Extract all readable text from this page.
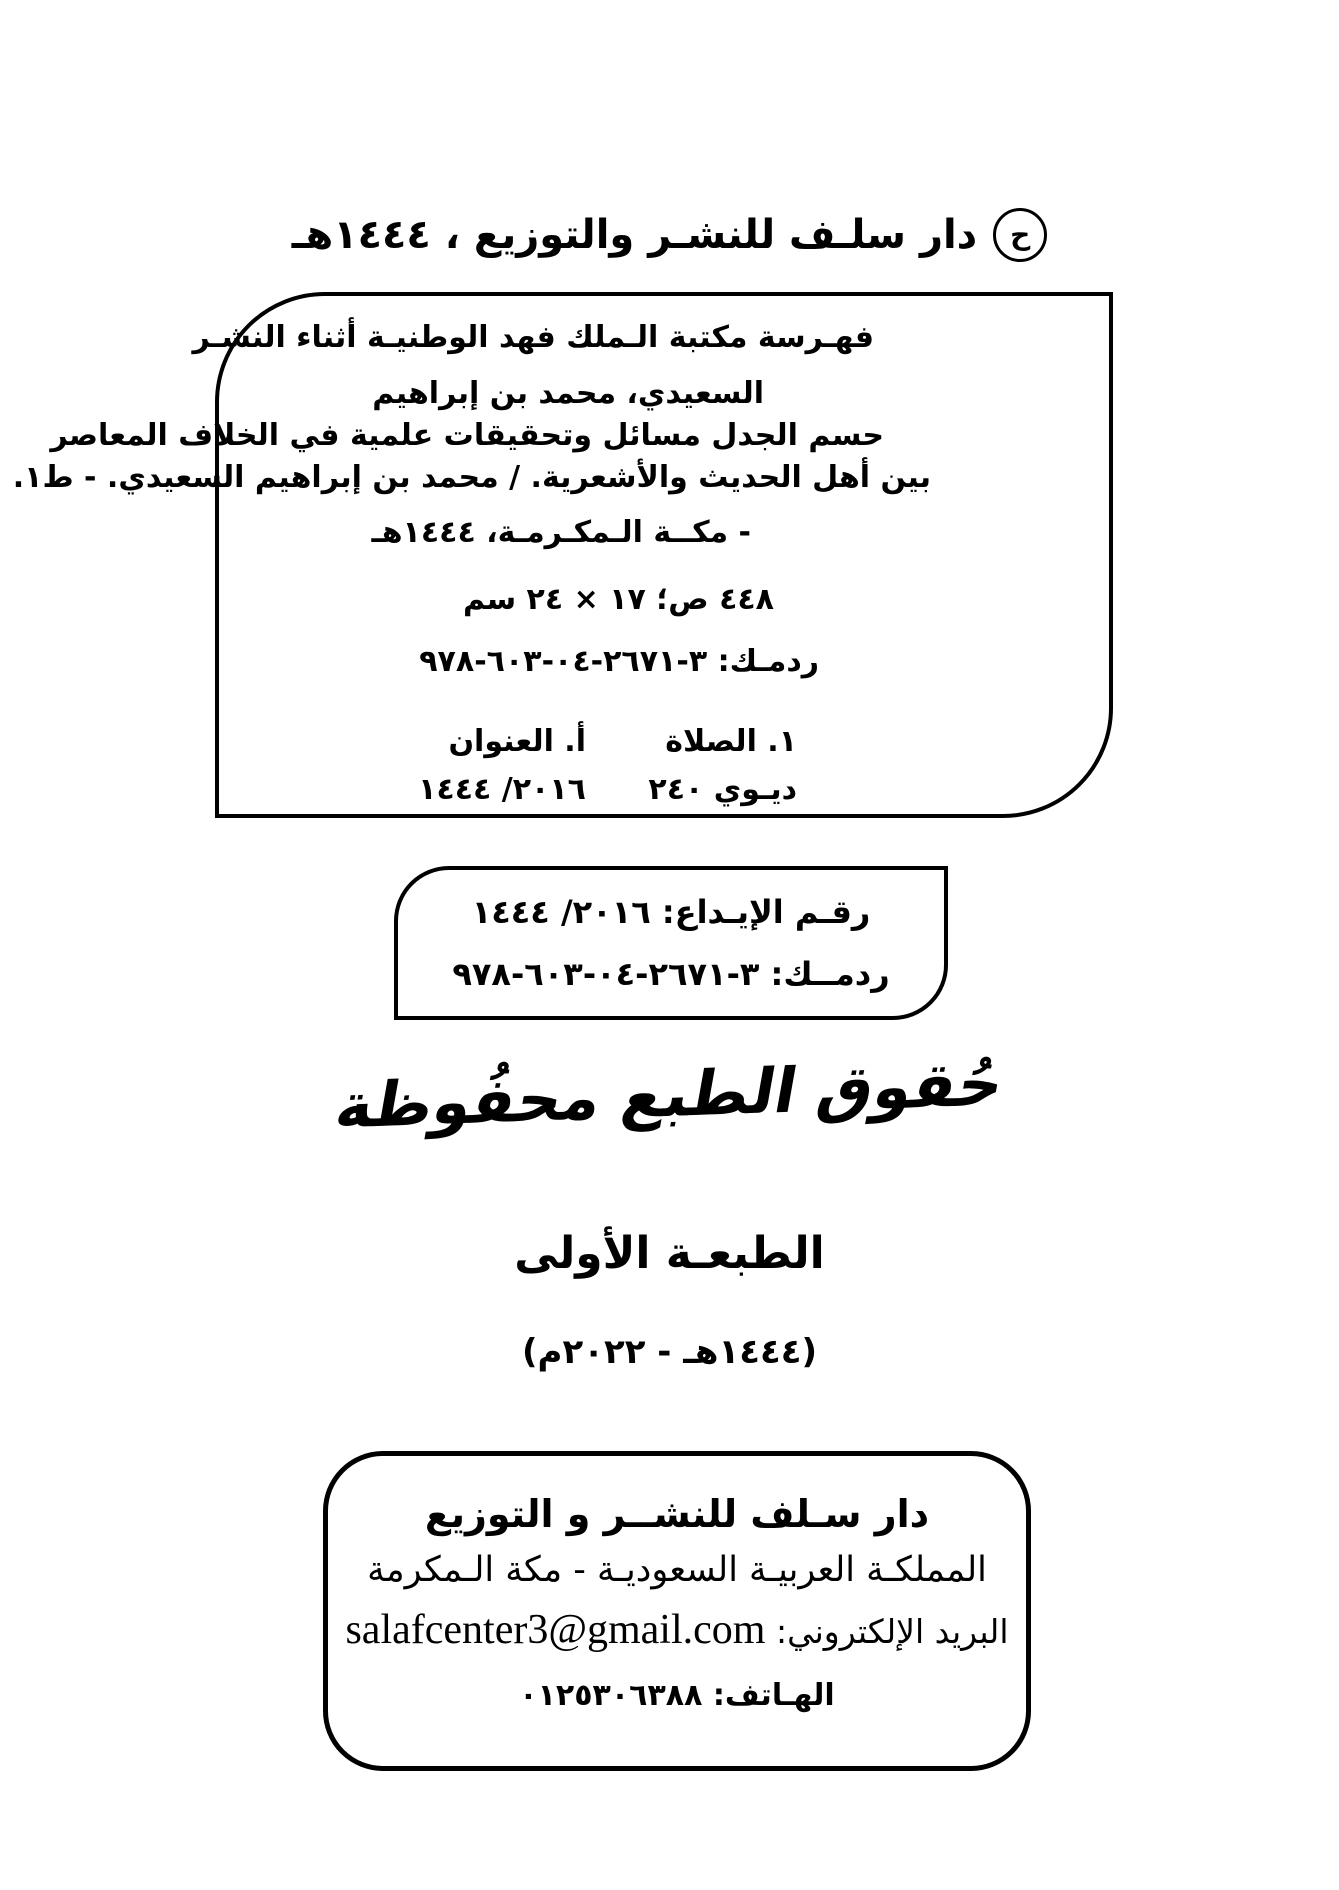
ح
دار سلـف للنشـر والتوزيع ، ١٤٤٤هـ
فهـرسة مكتبة الـملك فهد الوطنيـة أثناء النشـر
السعيدي، محمد بن إبراهيم
حسم الجدل مسائل وتحقيقات علمية في الخلاف المعاصر
بين أهل الحديث والأشعرية. / محمد بن إبراهيم السعيدي. - ط١.
- مكــة الـمكـرمـة، ١٤٤٤هـ
٤٤٨ ص؛ ١٧ × ٢٤ سم
ردمـك: ٣-٢٦٧١-٠٤-٦٠٣-٩٧٨
١. الصلاة
أ. العنوان
ديـوي ٢٤٠
٢٠١٦/ ١٤٤٤
رقـم الإيـداع: ٢٠١٦/ ١٤٤٤
ردمــك: ٣-٢٦٧١-٠٤-٦٠٣-٩٧٨
حُقوق الطبع محفُوظة
الطبعـة الأولى
(١٤٤٤هـ - ٢٠٢٢م)
دار سـلف للنشــر و التوزيع
المملكـة العربيـة السعوديـة - مكة الـمكرمة
البريد الإلكتروني: salafcenter3@gmail.com
الهـاتف: ٠١٢٥٣٠٦٣٨٨
